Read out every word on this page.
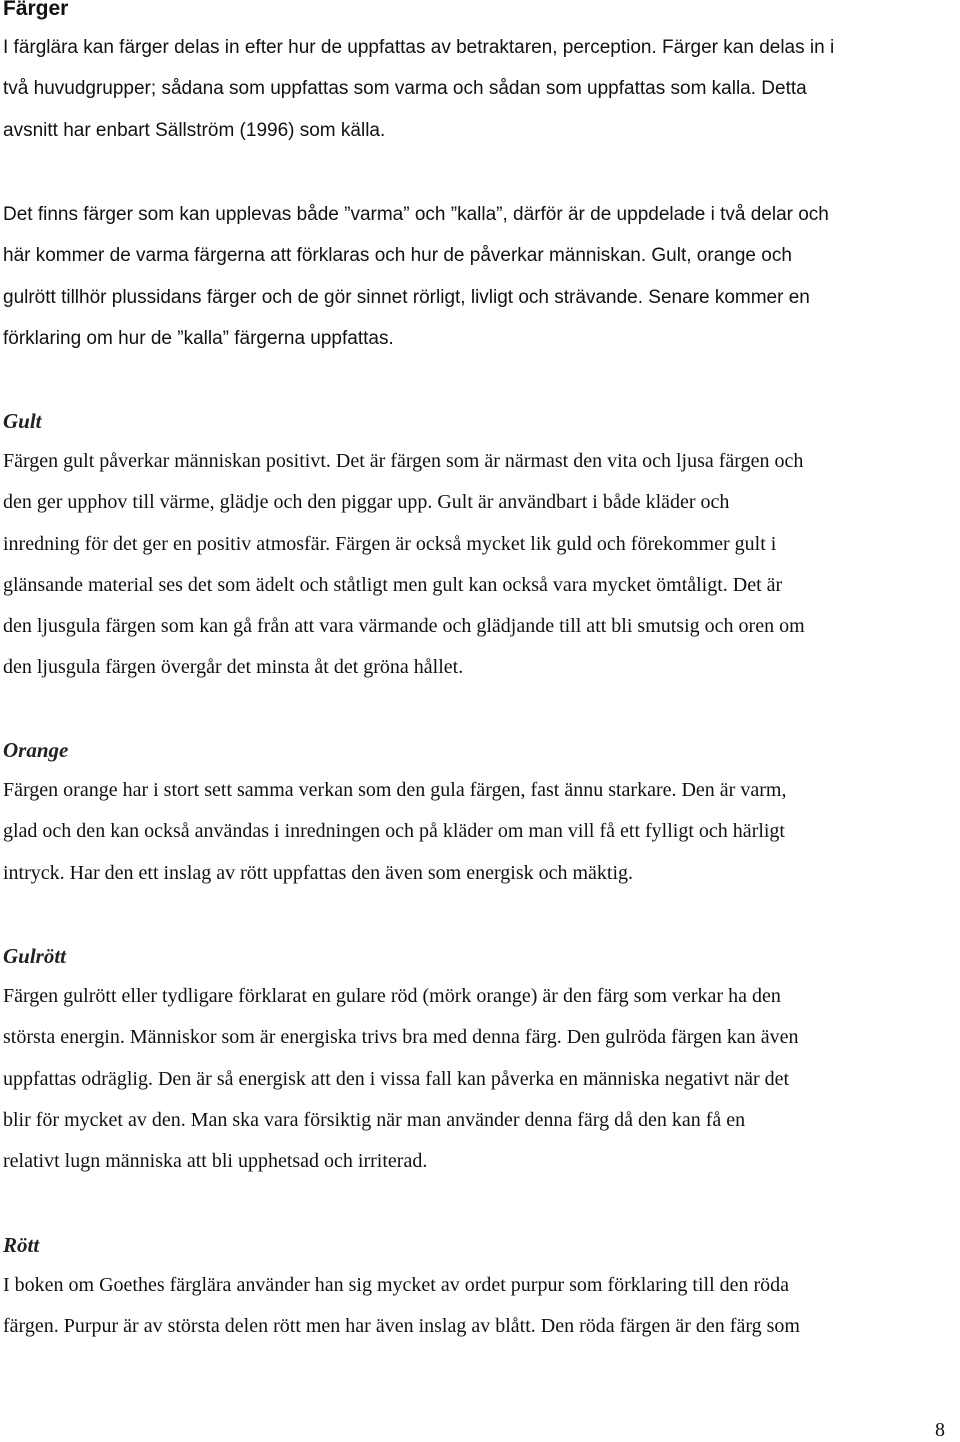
Färger

I färglära kan färger delas in efter hur de uppfattas av betraktaren, perception. Färger kan delas in i
två huvudgrupper; sådana som uppfattas som varma och sådan som uppfattas som kalla. Detta
avsnitt har enbart Sällström (1996) som källa.

Det finns färger som kan upplevas både ”varma” och ”kalla”, därför är de uppdelade i två delar och
här kommer de varma färgerna att förklaras och hur de påverkar människan. Gult, orange och
gulrött tillhör plussidans färger och de gör sinnet rörligt, livligt och strävande. Senare kommer en
förklaring om hur de ”kalla” färgerna uppfattas.

Gult

Färgen gult påverkar människan positivt. Det är färgen som är närmast den vita och ljusa färgen och
den ger upphov till värme, glädje och den piggar upp. Gult är användbart i både kläder och
inredning för det ger en positiv atmosfär. Färgen är också mycket lik guld och förekommer gult i
glänsande material ses det som ädelt och ståtligt men gult kan också vara mycket ömtåligt. Det är
den ljusgula färgen som kan gå från att vara värmande och glädjande till att bli smutsig och oren om
den ljusgula färgen övergår det minsta åt det gröna hållet.

Orange

Färgen orange har i stort sett samma verkan som den gula färgen, fast ännu starkare. Den är varm,
glad och den kan också användas i inredningen och på kläder om man vill få ett fylligt och härligt
intryck. Har den ett inslag av rött uppfattas den även som energisk och mäktig.

Gulrött

Färgen gulrött eller tydligare förklarat en gulare röd (mörk orange) är den färg som verkar ha den
största energin. Människor som är energiska trivs bra med denna färg. Den gulröda färgen kan även
uppfattas odräglig. Den är så energisk att den i vissa fall kan påverka en människa negativt när det
blir för mycket av den. Man ska vara försiktig när man använder denna färg då den kan få en
relativt lugn människa att bli upphetsad och irriterad.

Rött

I boken om Goethes färglära använder han sig mycket av ordet purpur som förklaring till den röda
färgen. Purpur är av största delen rött men har även inslag av blått. Den röda färgen är den färg som

8
